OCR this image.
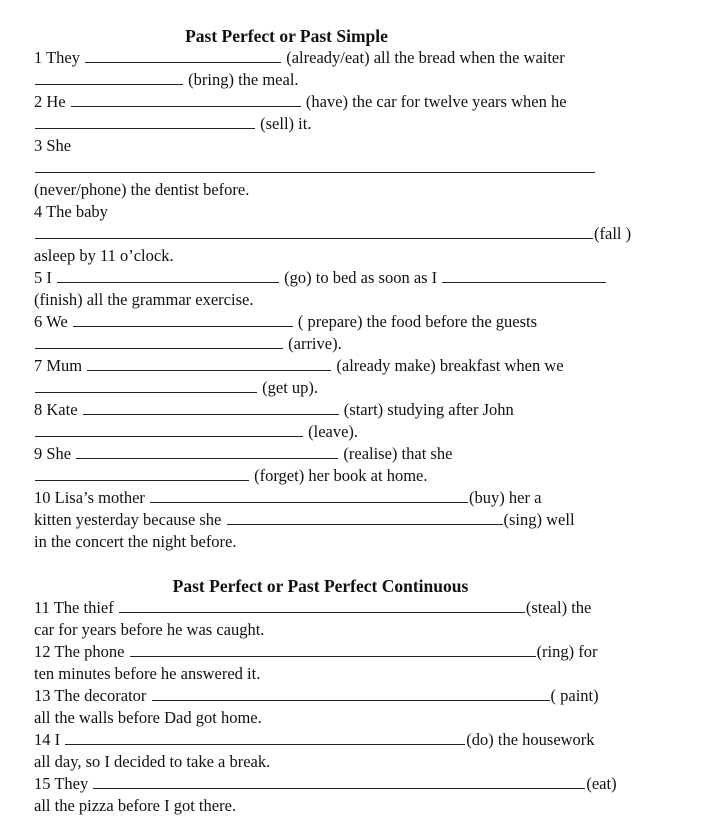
Past Perfect or Past Simple
1 They	(already/eat) all the bread when the waiter
(bring) the meal.
2 He	(have) the car for twelve years when he
(sell) it.
3 She
(never/phone) the dentist before.
4 The baby
(fall )
asleep by 11 o’clock.
5 I	(go) to bed as soon as I
(finish) all the grammar exercise.
6 We	( prepare) the food before the guests
(arrive).
7 Mum	(already make) breakfast when we
(get up).
8 Kate	(start) studying after John
(leave).
9 She	(realise) that she
(forget) her book at home.
10 Lisa’s mother	(buy) her a
kitten yesterday because she	(sing) well
in the concert the night before.
Past Perfect or Past Perfect Continuous
11 The thief	(steal) the
car for years before he was caught.
12 The phone	(ring) for
ten minutes before he answered it.
13 The decorator	( paint)
all the walls before Dad got home.
14 I	(do) the housework
all day, so I decided to take a break.
15 They	(eat)
all the pizza before I got there.
